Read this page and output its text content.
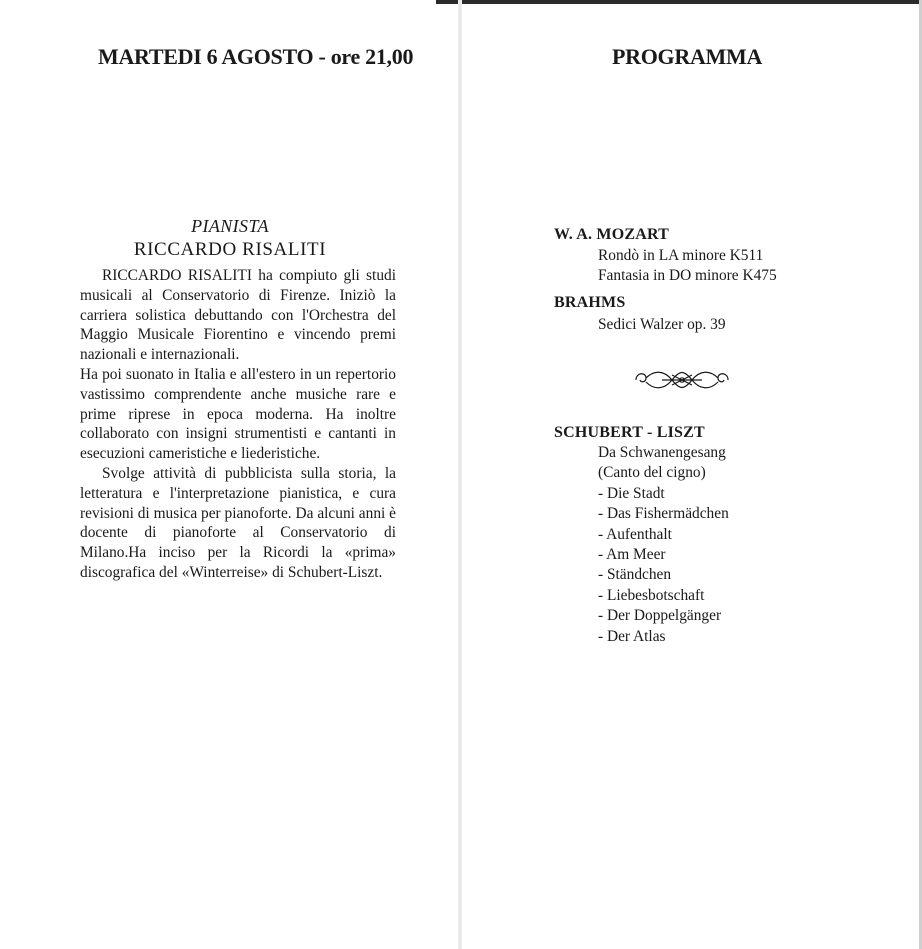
MARTEDI 6 AGOSTO - ore 21,00
PIANISTA
RICCARDO RISALITI

RICCARDO RISALITI ha compiuto gli studi musicali al Conservatorio di Firenze. Iniziò la carriera solistica debuttando con l'Orchestra del Maggio Musicale Fiorentino e vincendo premi nazionali e internazionali.

Ha poi suonato in Italia e all'estero in un repertorio vastissimo comprendente anche musiche rare e prime riprese in epoca moderna. Ha inoltre collaborato con insigni strumentisti e cantanti in esecuzioni cameristiche e liederistiche.

Svolge attività di pubblicista sulla storia, la letteratura e l'interpretazione pianistica, e cura revisioni di musica per pianoforte. Da alcuni anni è docente di pianoforte al Conservatorio di Milano.Ha inciso per la Ricordi la «prima» discografica del «Winterreise» di Schubert-Liszt.

PROGRAMMA
W. A. MOZART
Rondò in LA minore K511
Fantasia in DO minore K475
BRAHMS
Sedici Walzer op. 39
SCHUBERT - LISZT
Da Schwanengesang
(Canto del cigno)
- Die Stadt
- Das Fishermädchen
- Aufenthalt
- Am Meer
- Ständchen
- Liebesbotschaft
- Der Doppelgänger
- Der Atlas
